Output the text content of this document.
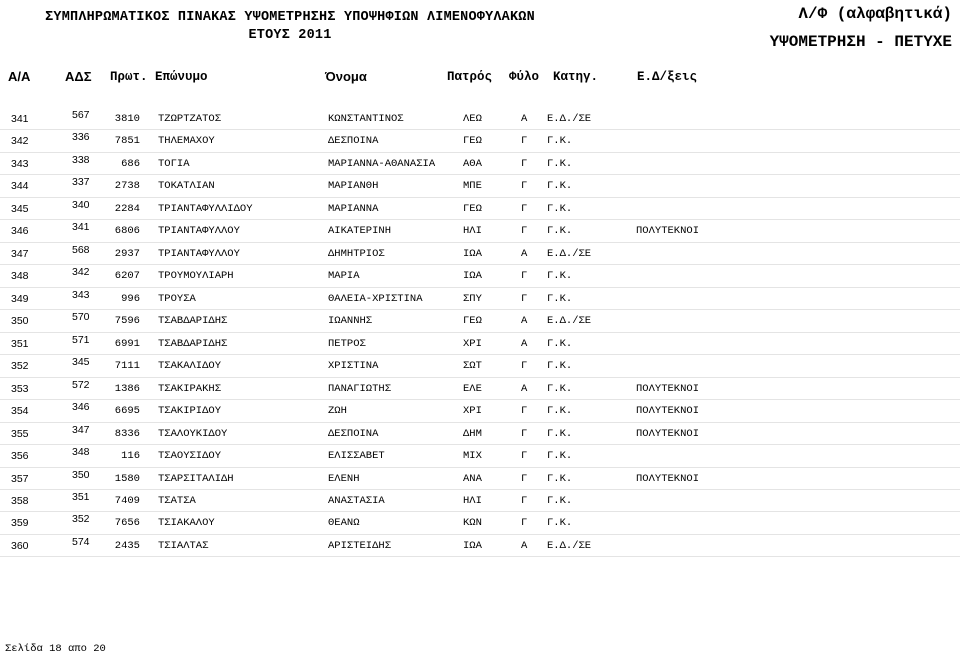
ΣΥΜΠΛΗΡΩΜΑΤΙΚΟΣ ΠΙΝΑΚΑΣ ΥΨΟΜΕΤΡΗΣΗΣ ΥΠΟΨΗΦΙΩΝ ΛΙΜΕΝΟΦΥΛΑΚΩΝ
ΕΤΟΥΣ 2011
Λ/Φ (αλφαβητικά)
ΥΨΟΜΕΤΡΗΣΗ - ΠΕΤΥΧΕ
Α/Α	ΑΔΣ Πρωτ. Επώνυμο	Όνομα	Πατρός Φύλο Κατηγ.	Ε.Δ/ξεις
341	567	3810 ΤΖΩΡΤΖΑΤΟΣ	ΚΩΝΣΤΑΝΤΙΝΟΣ	ΛΕΩ	Α Ε.Δ./ΣΕ
342	336	7851 ΤΗΛΕΜΑΧΟΥ	ΔΕΣΠΟΙΝΑ	ΓΕΩ	Γ Γ.Κ.
343	338	686 ΤΟΓΙΑ	ΜΑΡΙΑΝΝΑ-ΑΘΑΝΑΣΙΑ	ΑΘΑ	Γ Γ.Κ.
344	337	2738 ΤΟΚΑΤΛΙΑΝ	ΜΑΡΙΑΝΘΗ	ΜΠΕ	Γ Γ.Κ.
345	340	2284 ΤΡΙΑΝΤΑΦΥΛΛΙΔΟΥ	ΜΑΡΙΑΝΝΑ	ΓΕΩ	Γ Γ.Κ.
346	341	6806 ΤΡΙΑΝΤΑΦΥΛΛΟΥ	ΑΙΚΑΤΕΡΙΝΗ	ΗΛΙ	Γ Γ.Κ.	ΠΟΛΥΤΕΚΝΟΙ
347	568	2937 ΤΡΙΑΝΤΑΦΥΛΛΟΥ	ΔΗΜΗΤΡΙΟΣ	ΙΩΑ	Α Ε.Δ./ΣΕ
348	342	6207 ΤΡΟΥΜΟΥΛΙΑΡΗ	ΜΑΡΙΑ	ΙΩΑ	Γ Γ.Κ.
349	343	996 ΤΡΟΥΣΑ	ΘΑΛΕΙΑ-ΧΡΙΣΤΙΝΑ	ΣΠΥ	Γ Γ.Κ.
350	570	7596 ΤΣΑΒΔΑΡΙΔΗΣ	ΙΩΑΝΝΗΣ	ΓΕΩ	Α Ε.Δ./ΣΕ
351	571	6991 ΤΣΑΒΔΑΡΙΔΗΣ	ΠΕΤΡΟΣ	ΧΡΙ	Α Γ.Κ.
352	345	7111 ΤΣΑΚΑΛΙΔΟΥ	ΧΡΙΣΤΙΝΑ	ΣΩΤ	Γ Γ.Κ.
353	572	1386 ΤΣΑΚΙΡΑΚΗΣ	ΠΑΝΑΓΙΩΤΗΣ	ΕΛΕ	Α Γ.Κ.	ΠΟΛΥΤΕΚΝΟΙ
354	346	6695 ΤΣΑΚΙΡΙΔΟΥ	ΖΩΗ	ΧΡΙ	Γ Γ.Κ.	ΠΟΛΥΤΕΚΝΟΙ
355	347	8336 ΤΣΑΛΟΥΚΙΔΟΥ	ΔΕΣΠΟΙΝΑ	ΔΗΜ	Γ Γ.Κ.	ΠΟΛΥΤΕΚΝΟΙ
356	348	116 ΤΣΑΟΥΣΙΔΟΥ	ΕΛΙΣΣΑΒΕΤ	ΜΙΧ	Γ Γ.Κ.
357	350	1580 ΤΣΑΡΣΙΤΑΛΙΔΗ	ΕΛΕΝΗ	ΑΝΑ	Γ Γ.Κ.	ΠΟΛΥΤΕΚΝΟΙ
358	351	7409 ΤΣΑΤΣΑ	ΑΝΑΣΤΑΣΙΑ	ΗΛΙ	Γ Γ.Κ.
359	352	7656 ΤΣΙΑΚΑΛΟΥ	ΘΕΑΝΩ	ΚΩΝ	Γ Γ.Κ.
360	574	2435 ΤΣΙΑΛΤΑΣ	ΑΡΙΣΤΕΙΔΗΣ	ΙΩΑ	Α Ε.Δ./ΣΕ
Σελίδα 18 απο 20
